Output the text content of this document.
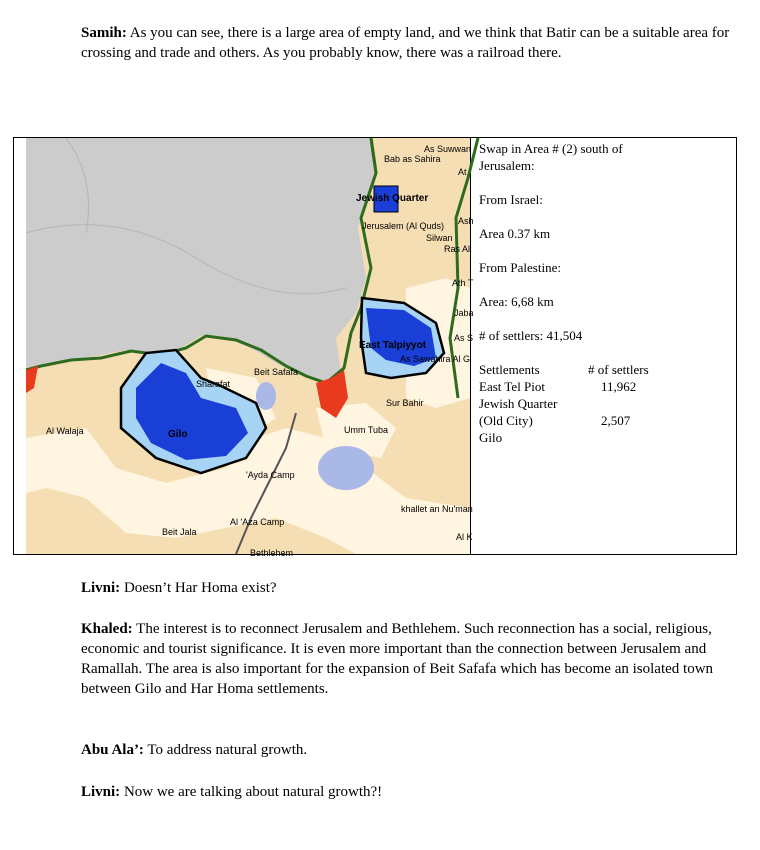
Samih: As you can see, there is a large area of empty land, and we think that Batir can be a suitable area for crossing and trade and others. As you probably know, there was a railroad there.

As Suwwan
Bab as Sahira
At
Jewish Quarter
Ash
Jerusalem (Al Quds)
Silwan
Ras Al
Ath T
Jaba
As S
East Talpiyyot
As Sawahira Al G
Sharafat
Beit Safafa
Sur Bahir
Al Walaja	Gilo	Umm Tuba
'Ayda Camp
khallet an Nu'man
Al 'Aza Camp
Beit Jala	Al K
Bethlehem

Swap in Area # (2) south of Jerusalem:

From Israel:

Area 0.37 km

From Palestine:

Area: 6,68 km

# of settlers: 41,504

Settlements	# of settlers

East Tel Piot	11,962

Jewish Quarter

(Old City)	2,507

Gilo

Livni: Doesn’t Har Homa exist?

Khaled: The interest is to reconnect Jerusalem and Bethlehem. Such reconnection has a social, religious, economic and tourist significance. It is even more important than the connection between Jerusalem and Ramallah. The area is also important for the expansion of Beit Safafa which has become an isolated town between Gilo and Har Homa settlements.

Abu Ala’: To address natural growth.

Livni: Now we are talking about natural growth?!
